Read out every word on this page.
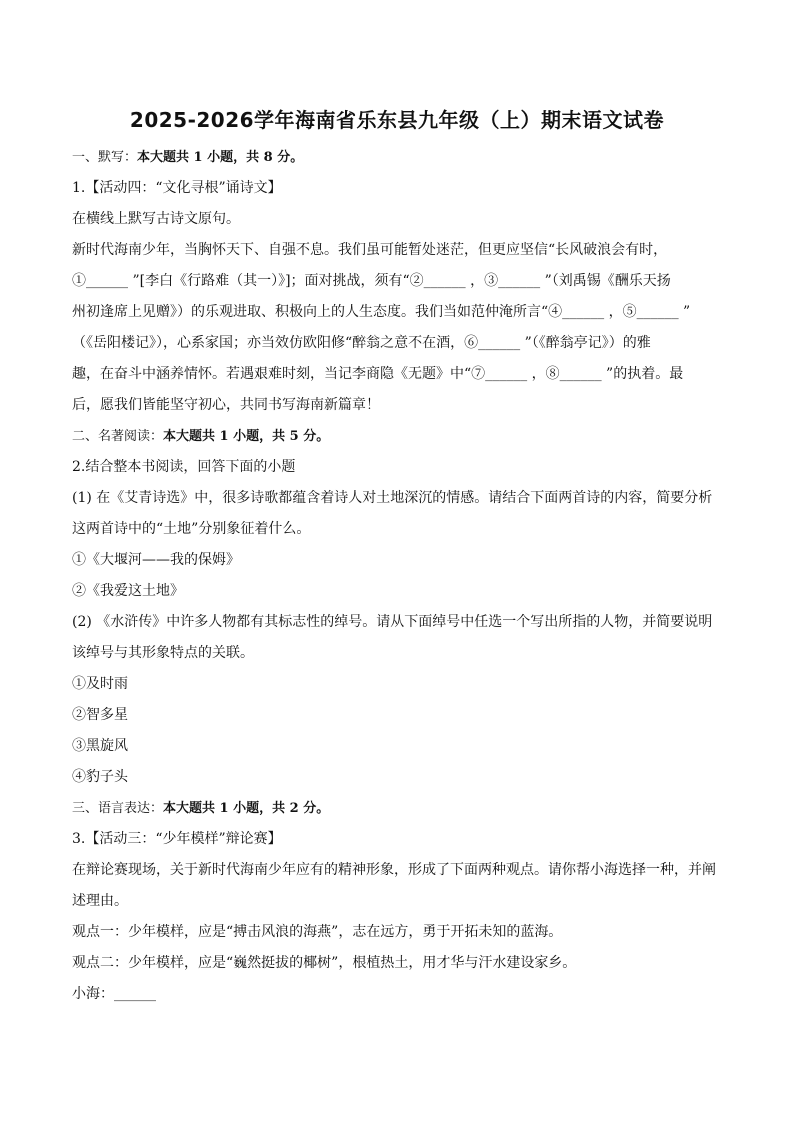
2025-2026学年海南省乐东县九年级（上）期末语文试卷
一、默写：本大题共 1 小题，共 8 分。
1.【活动四：“文化寻根”诵诗文】
在横线上默写古诗文原句。
新时代海南少年，当胸怀天下、自强不息。我们虽可能暂处迷茫，但更应坚信“长风破浪会有时，
①______ ”[李白《行路难（其一）》]；面对挑战，须有“②______ ，③______ ”（刘禹锡《酬乐天扬
州初逢席上见赠》）的乐观进取、积极向上的人生态度。我们当如范仲淹所言“④______ ，⑤______ ”
（《岳阳楼记》），心系家国；亦当效仿欧阳修“醉翁之意不在酒，⑥______ ”（《醉翁亭记》）的雅
趣，在奋斗中涵养情怀。若遇艰难时刻，当记李商隐《无题》中“⑦______ ，⑧______ ”的执着。最
后，愿我们皆能坚守初心，共同书写海南新篇章！
二、名著阅读：本大题共 1 小题，共 5 分。
2.结合整本书阅读，回答下面的小题
(1) 在《艾青诗选》中，很多诗歌都蕴含着诗人对土地深沉的情感。请结合下面两首诗的内容，简要分析
这两首诗中的“土地”分别象征着什么。
①《大堰河——我的保姆》
②《我爱这土地》
(2) 《水浒传》中许多人物都有其标志性的绰号。请从下面绰号中任选一个写出所指的人物，并简要说明
该绰号与其形象特点的关联。
①及时雨
②智多星
③黑旋风
④豹子头
三、语言表达：本大题共 1 小题，共 2 分。
3.【活动三：“少年模样”辩论赛】
在辩论赛现场，关于新时代海南少年应有的精神形象，形成了下面两种观点。请你帮小海选择一种，并阐
述理由。
观点一：少年模样，应是“搏击风浪的海燕”，志在远方，勇于开拓未知的蓝海。
观点二：少年模样，应是“巍然挺拔的椰树”，根植热土，用才华与汗水建设家乡。
小海：______
